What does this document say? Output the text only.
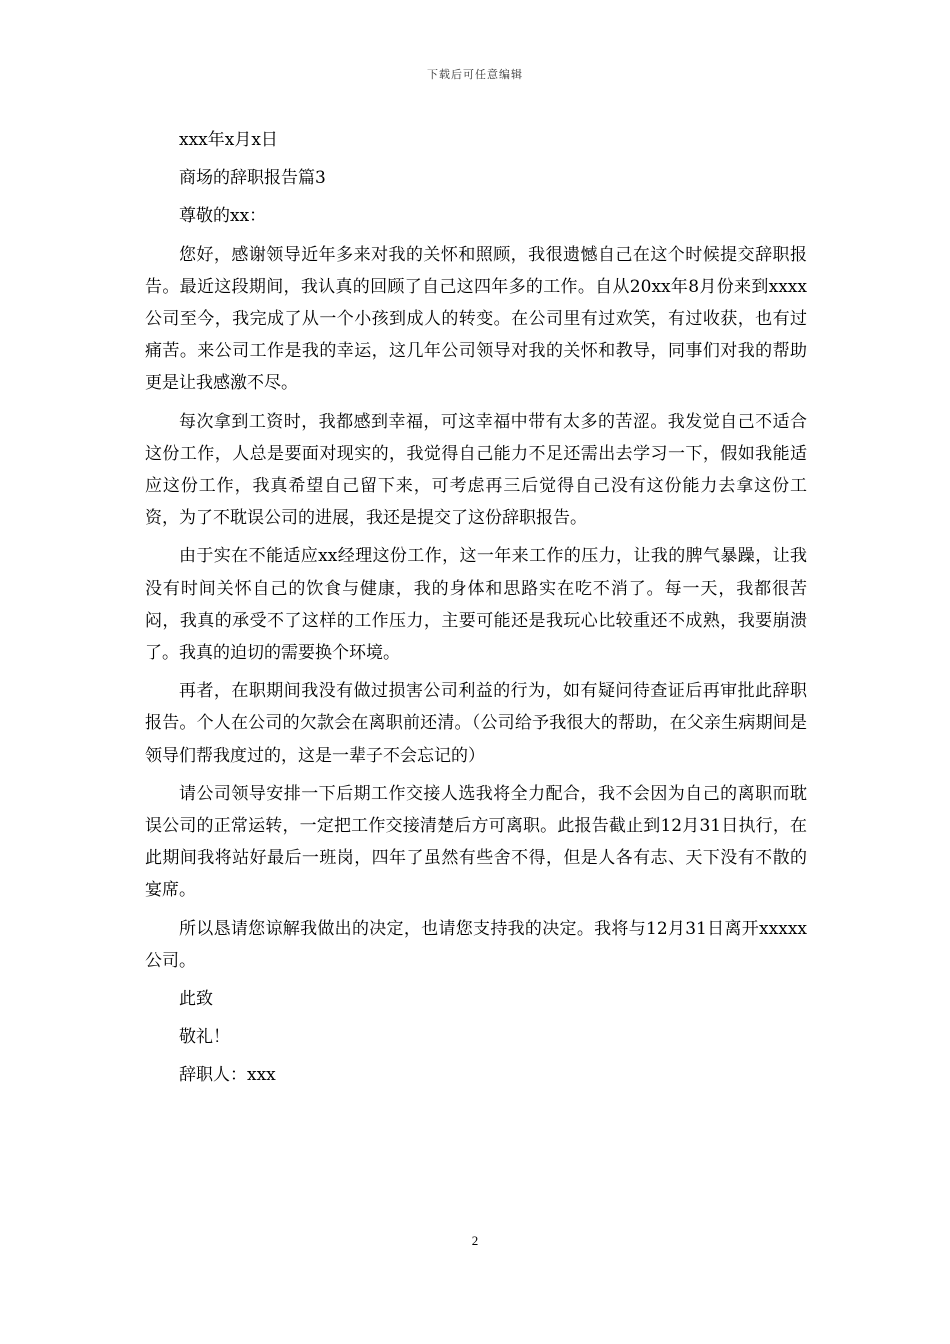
下载后可任意编辑

xxx年x月x日

商场的辞职报告篇3

尊敬的xx：

您好，感谢领导近年多来对我的关怀和照顾，我很遗憾自己在这个时候提交辞职报告。最近这段期间，我认真的回顾了自己这四年多的工作。自从20xx年8月份来到xxxx公司至今，我完成了从一个小孩到成人的转变。在公司里有过欢笑，有过收获，也有过痛苦。来公司工作是我的幸运，这几年公司领导对我的关怀和教导，同事们对我的帮助更是让我感激不尽。

每次拿到工资时，我都感到幸福，可这幸福中带有太多的苦涩。我发觉自己不适合这份工作，人总是要面对现实的，我觉得自己能力不足还需出去学习一下，假如我能适应这份工作，我真希望自己留下来，可考虑再三后觉得自己没有这份能力去拿这份工资，为了不耽误公司的进展，我还是提交了这份辞职报告。

由于实在不能适应xx经理这份工作，这一年来工作的压力，让我的脾气暴躁，让我没有时间关怀自己的饮食与健康，我的身体和思路实在吃不消了。每一天，我都很苦闷，我真的承受不了这样的工作压力，主要可能还是我玩心比较重还不成熟，我要崩溃了。我真的迫切的需要换个环境。

再者，在职期间我没有做过损害公司利益的行为，如有疑问待查证后再审批此辞职报告。个人在公司的欠款会在离职前还清。（公司给予我很大的帮助，在父亲生病期间是领导们帮我度过的，这是一辈子不会忘记的）

请公司领导安排一下后期工作交接人选我将全力配合，我不会因为自己的离职而耽误公司的正常运转，一定把工作交接清楚后方可离职。此报告截止到12月31日执行，在此期间我将站好最后一班岗，四年了虽然有些舍不得，但是人各有志、天下没有不散的宴席。

所以恳请您谅解我做出的决定，也请您支持我的决定。我将与12月31日离开xxxxx公司。

此致

敬礼！

辞职人：xxx

2
